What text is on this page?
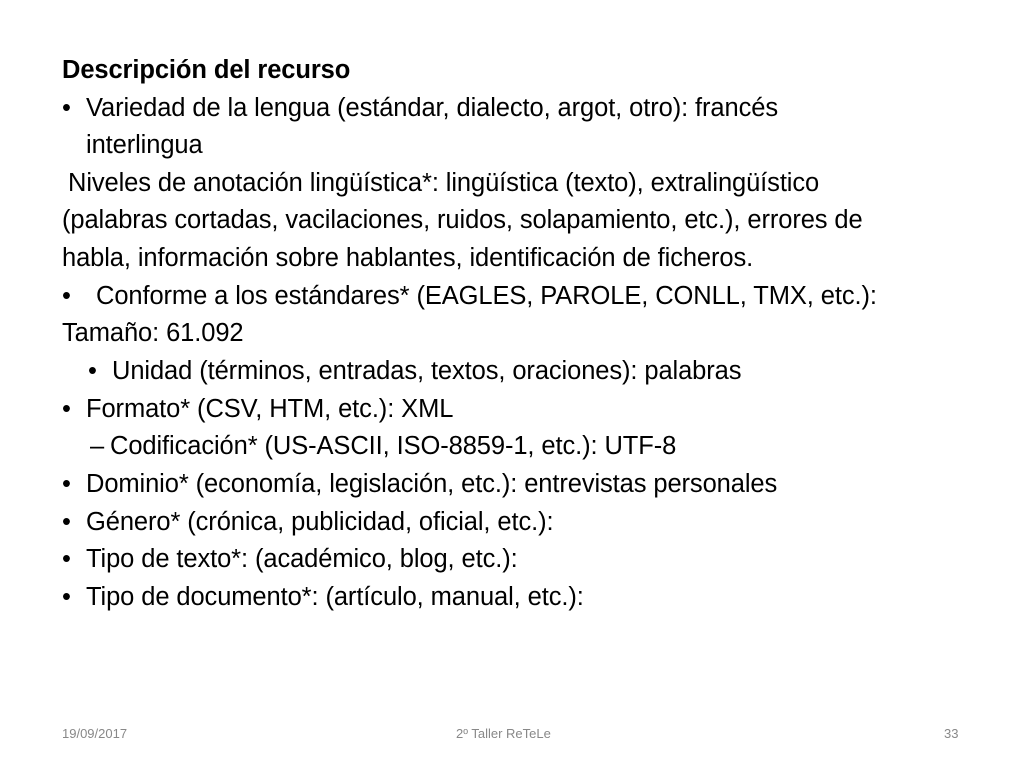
Descripción del recurso
• Variedad de la lengua (estándar, dialecto, argot, otro): francés
interlingua
Niveles de anotación lingüística*: lingüística (texto), extralingüístico
(palabras cortadas, vacilaciones, ruidos, solapamiento, etc.), errores de
habla, información sobre hablantes, identificación de ficheros.
• Conforme a los estándares* (EAGLES, PAROLE, CONLL, TMX, etc.):
Tamaño: 61.092
• Unidad (términos, entradas, textos, oraciones): palabras
• Formato* (CSV, HTM, etc.): XML
– Codificación* (US-ASCII, ISO-8859-1, etc.): UTF-8
• Dominio* (economía, legislación, etc.): entrevistas personales
• Género* (crónica, publicidad, oficial, etc.):
• Tipo de texto*: (académico, blog, etc.):
• Tipo de documento*: (artículo, manual, etc.):
19/09/2017	2º Taller ReTeLe	33
